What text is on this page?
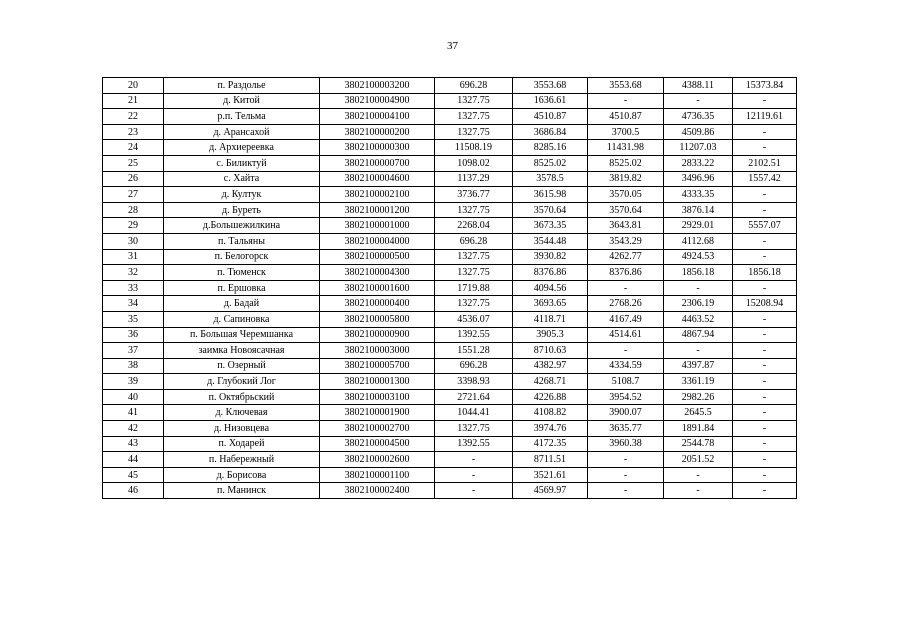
37
20	п. Раздолье	3802100003200	696.28	3553.68	3553.68	4388.11	15373.84
21	д. Китой	3802100004900	1327.75	1636.61	-	-	-
22	р.п. Тельма	3802100004100	1327.75	4510.87	4510.87	4736.35	12119.61
23	д. Арансахой	3802100000200	1327.75	3686.84	3700.5	4509.86	-
24	д. Архиереевка	3802100000300	11508.19	8285.16	11431.98	11207.03	-
25	с. Биликтуй	3802100000700	1098.02	8525.02	8525.02	2833.22	2102.51
26	с. Хайта	3802100004600	1137.29	3578.5	3819.82	3496.96	1557.42
27	д. Култук	3802100002100	3736.77	3615.98	3570.05	4333.35	-
28	д. Буреть	3802100001200	1327.75	3570.64	3570.64	3876.14	-
29	д.Большежилкина	3802100001000	2268.04	3673.35	3643.81	2929.01	5557.07
30	п. Тальяны	3802100004000	696.28	3544.48	3543.29	4112.68	-
31	п. Белогорск	3802100000500	1327.75	3930.82	4262.77	4924.53	-
32	п. Тюменск	3802100004300	1327.75	8376.86	8376.86	1856.18	1856.18
33	п. Ершовка	3802100001600	1719.88	4094.56	-	-	-
34	д. Бадай	3802100000400	1327.75	3693.65	2768.26	2306.19	15208.94
35	д. Сапиновка	3802100005800	4536.07	4118.71	4167.49	4463.52	-
36	п. Большая Черемшанка	3802100000900	1392.55	3905.3	4514.61	4867.94	-
37	заимка Новоясачная	3802100003000	1551.28	8710.63	-	-	-
38	п. Озерный	3802100005700	696.28	4382.97	4334.59	4397.87	-
39	д. Глубокий Лог	3802100001300	3398.93	4268.71	5108.7	3361.19	-
40	п. Октябрьский	3802100003100	2721.64	4226.88	3954.52	2982.26	-
41	д. Ключевая	3802100001900	1044.41	4108.82	3900.07	2645.5	-
42	д. Низовцева	3802100002700	1327.75	3974.76	3635.77	1891.84	-
43	п. Ходарей	3802100004500	1392.55	4172.35	3960.38	2544.78	-
44	п. Набережный	3802100002600	-	8711.51	-	2051.52	-
45	д. Борисова	3802100001100	-	3521.61	-	-	-
46	п. Манинск	3802100002400	-	4569.97	-	-	-
